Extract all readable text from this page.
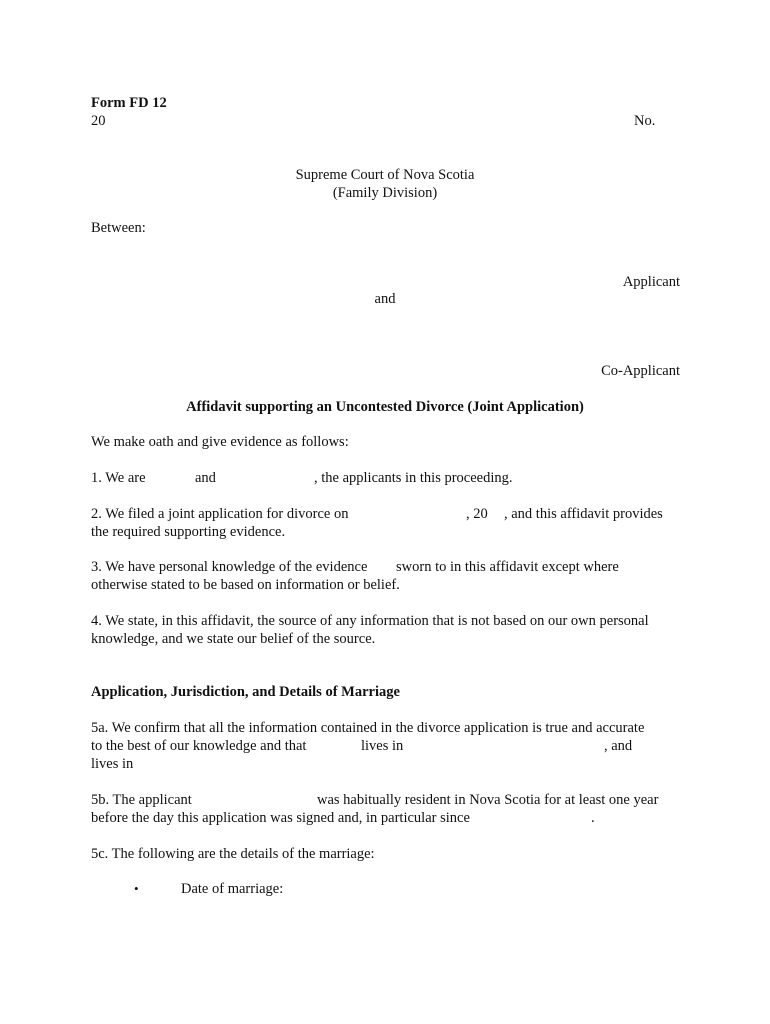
Form FD 12
20	No.
Supreme Court of Nova Scotia
(Family Division)
Between:
Applicant
and
Co-Applicant
Affidavit supporting an Uncontested Divorce (Joint Application)
We make oath and give evidence as follows:
1. We are	and	, the applicants in this proceeding.
2. We filed a joint application for divorce on	, 20 , and this affidavit provides
the required supporting evidence.
3. We have personal knowledge of the evidence sworn to in this affidavit except where
otherwise stated to be based on information or belief.
4. We state, in this affidavit, the source of any information that is not based on our own personal
knowledge, and we state our belief of the source.
Application, Jurisdiction, and Details of Marriage
5a. We confirm that all the information contained in the divorce application is true and accurate
to the best of our knowledge and that	lives in	, and
lives in
5b. The applicant	was habitually resident in Nova Scotia for at least one year
before the day this application was signed and, in particular since	.
5c. The following are the details of the marriage:
•	Date of marriage:
